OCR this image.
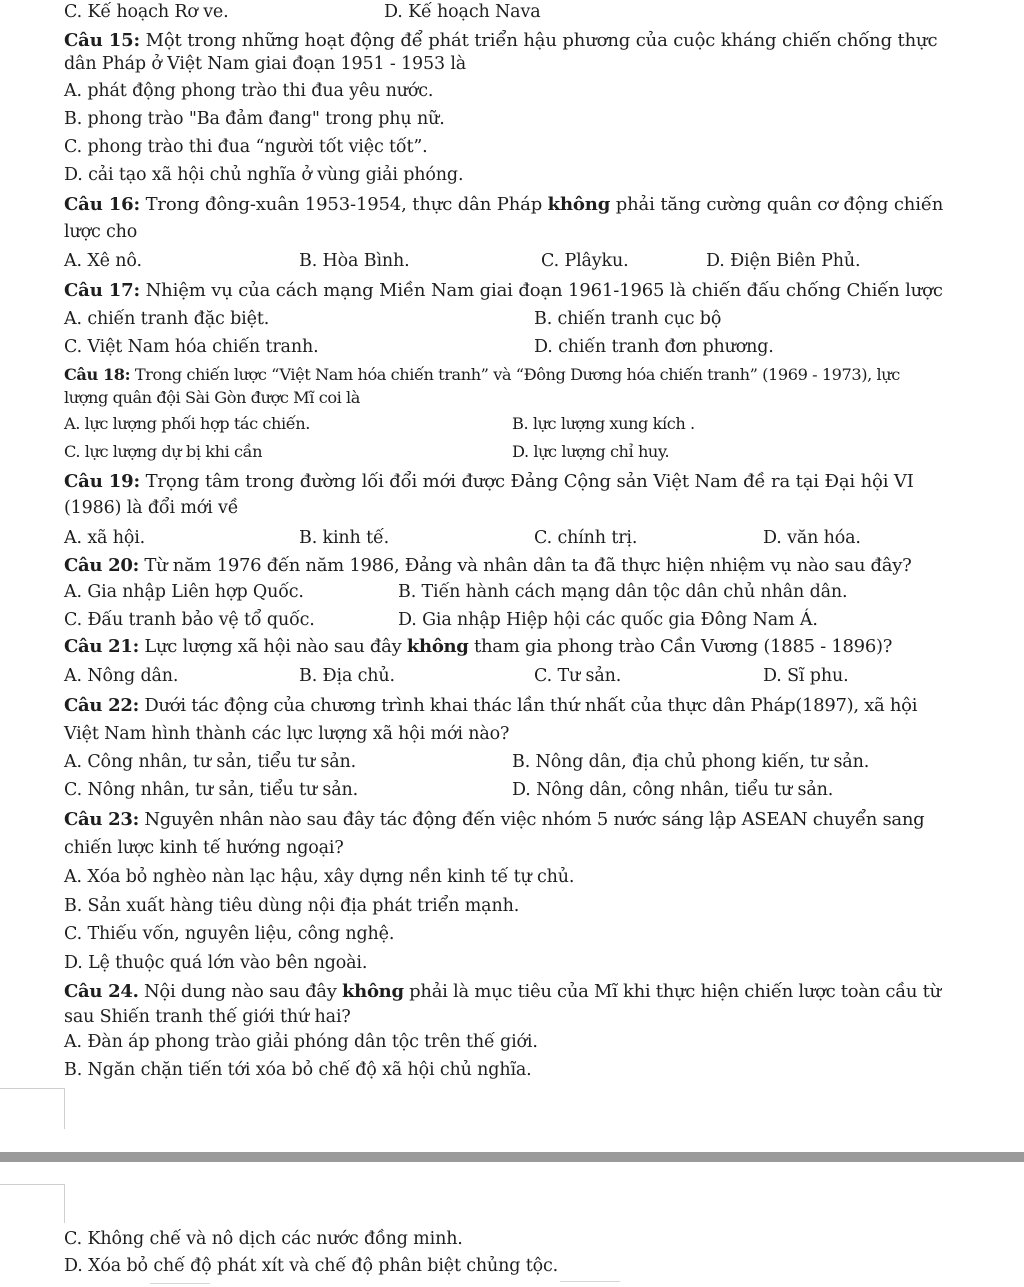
C. Kế hoạch Rơ ve.	D. Kế hoạch Nava
Câu 15: Một trong những hoạt động để phát triển hậu phương của cuộc kháng chiến chống thực
dân Pháp ở Việt Nam giai đoạn 1951 - 1953 là
A. phát động phong trào thi đua yêu nước.
B. phong trào "Ba đảm đang" trong phụ nữ.
C. phong trào thi đua “người tốt việc tốt”.
D. cải tạo xã hội chủ nghĩa ở vùng giải phóng.
Câu 16: Trong đông-xuân 1953-1954, thực dân Pháp không phải tăng cường quân cơ động chiến
lược cho
A. Xê nô.	B. Hòa Bình.	C. Plâyku.	D. Điện Biên Phủ.
Câu 17: Nhiệm vụ của cách mạng Miền Nam giai đoạn 1961-1965 là chiến đấu chống Chiến lược
A. chiến tranh đặc biệt.	B. chiến tranh cục bộ
C. Việt Nam hóa chiến tranh.	D. chiến tranh đơn phương.
Câu 18: Trong chiến lược “Việt Nam hóa chiến tranh” và “Đông Dương hóa chiến tranh” (1969 - 1973), lực
lượng quân đội Sài Gòn được Mĩ coi là
A. lực lượng phối hợp tác chiến.	B. lực lượng xung kích .
C. lực lượng dự bị khi cần	D. lực lượng chỉ huy.
Câu 19: Trọng tâm trong đường lối đổi mới được Đảng Cộng sản Việt Nam đề ra tại Đại hội VI
(1986) là đổi mới về
A. xã hội.	B. kinh tế.	C. chính trị.	D. văn hóa.
Câu 20: Từ năm 1976 đến năm 1986, Đảng và nhân dân ta đã thực hiện nhiệm vụ nào sau đây?
A. Gia nhập Liên hợp Quốc.	B. Tiến hành cách mạng dân tộc dân chủ nhân dân.
C. Đấu tranh bảo vệ tổ quốc.	D. Gia nhập Hiệp hội các quốc gia Đông Nam Á.
Câu 21: Lực lượng xã hội nào sau đây không tham gia phong trào Cần Vương (1885 - 1896)?
A. Nông dân.	B. Địa chủ.	C. Tư sản.	D. Sĩ phu.
Câu 22: Dưới tác động của chương trình khai thác lần thứ nhất của thực dân Pháp(1897), xã hội
Việt Nam hình thành các lực lượng xã hội mới nào?
A. Công nhân, tư sản, tiểu tư sản.	B. Nông dân, địa chủ phong kiến, tư sản.
C. Nông nhân, tư sản, tiểu tư sản.	D. Nông dân, công nhân, tiểu tư sản.
Câu 23: Nguyên nhân nào sau đây tác động đến việc nhóm 5 nước sáng lập ASEAN chuyển sang
chiến lược kinh tế hướng ngoại?
A. Xóa bỏ nghèo nàn lạc hậu, xây dựng nền kinh tế tự chủ.
B. Sản xuất hàng tiêu dùng nội địa phát triển mạnh.
C. Thiếu vốn, nguyên liệu, công nghệ.
D. Lệ thuộc quá lớn vào bên ngoài.
Câu 24. Nội dung nào sau đây không phải là mục tiêu của Mĩ khi thực hiện chiến lược toàn cầu từ
sau Shiến tranh thế giới thứ hai?
A. Đàn áp phong trào giải phóng dân tộc trên thế giới.
B. Ngăn chặn tiến tới xóa bỏ chế độ xã hội chủ nghĩa.
C. Không chế và nô dịch các nước đồng minh.
D. Xóa bỏ chế độ phát xít và chế độ phân biệt chủng tộc.
